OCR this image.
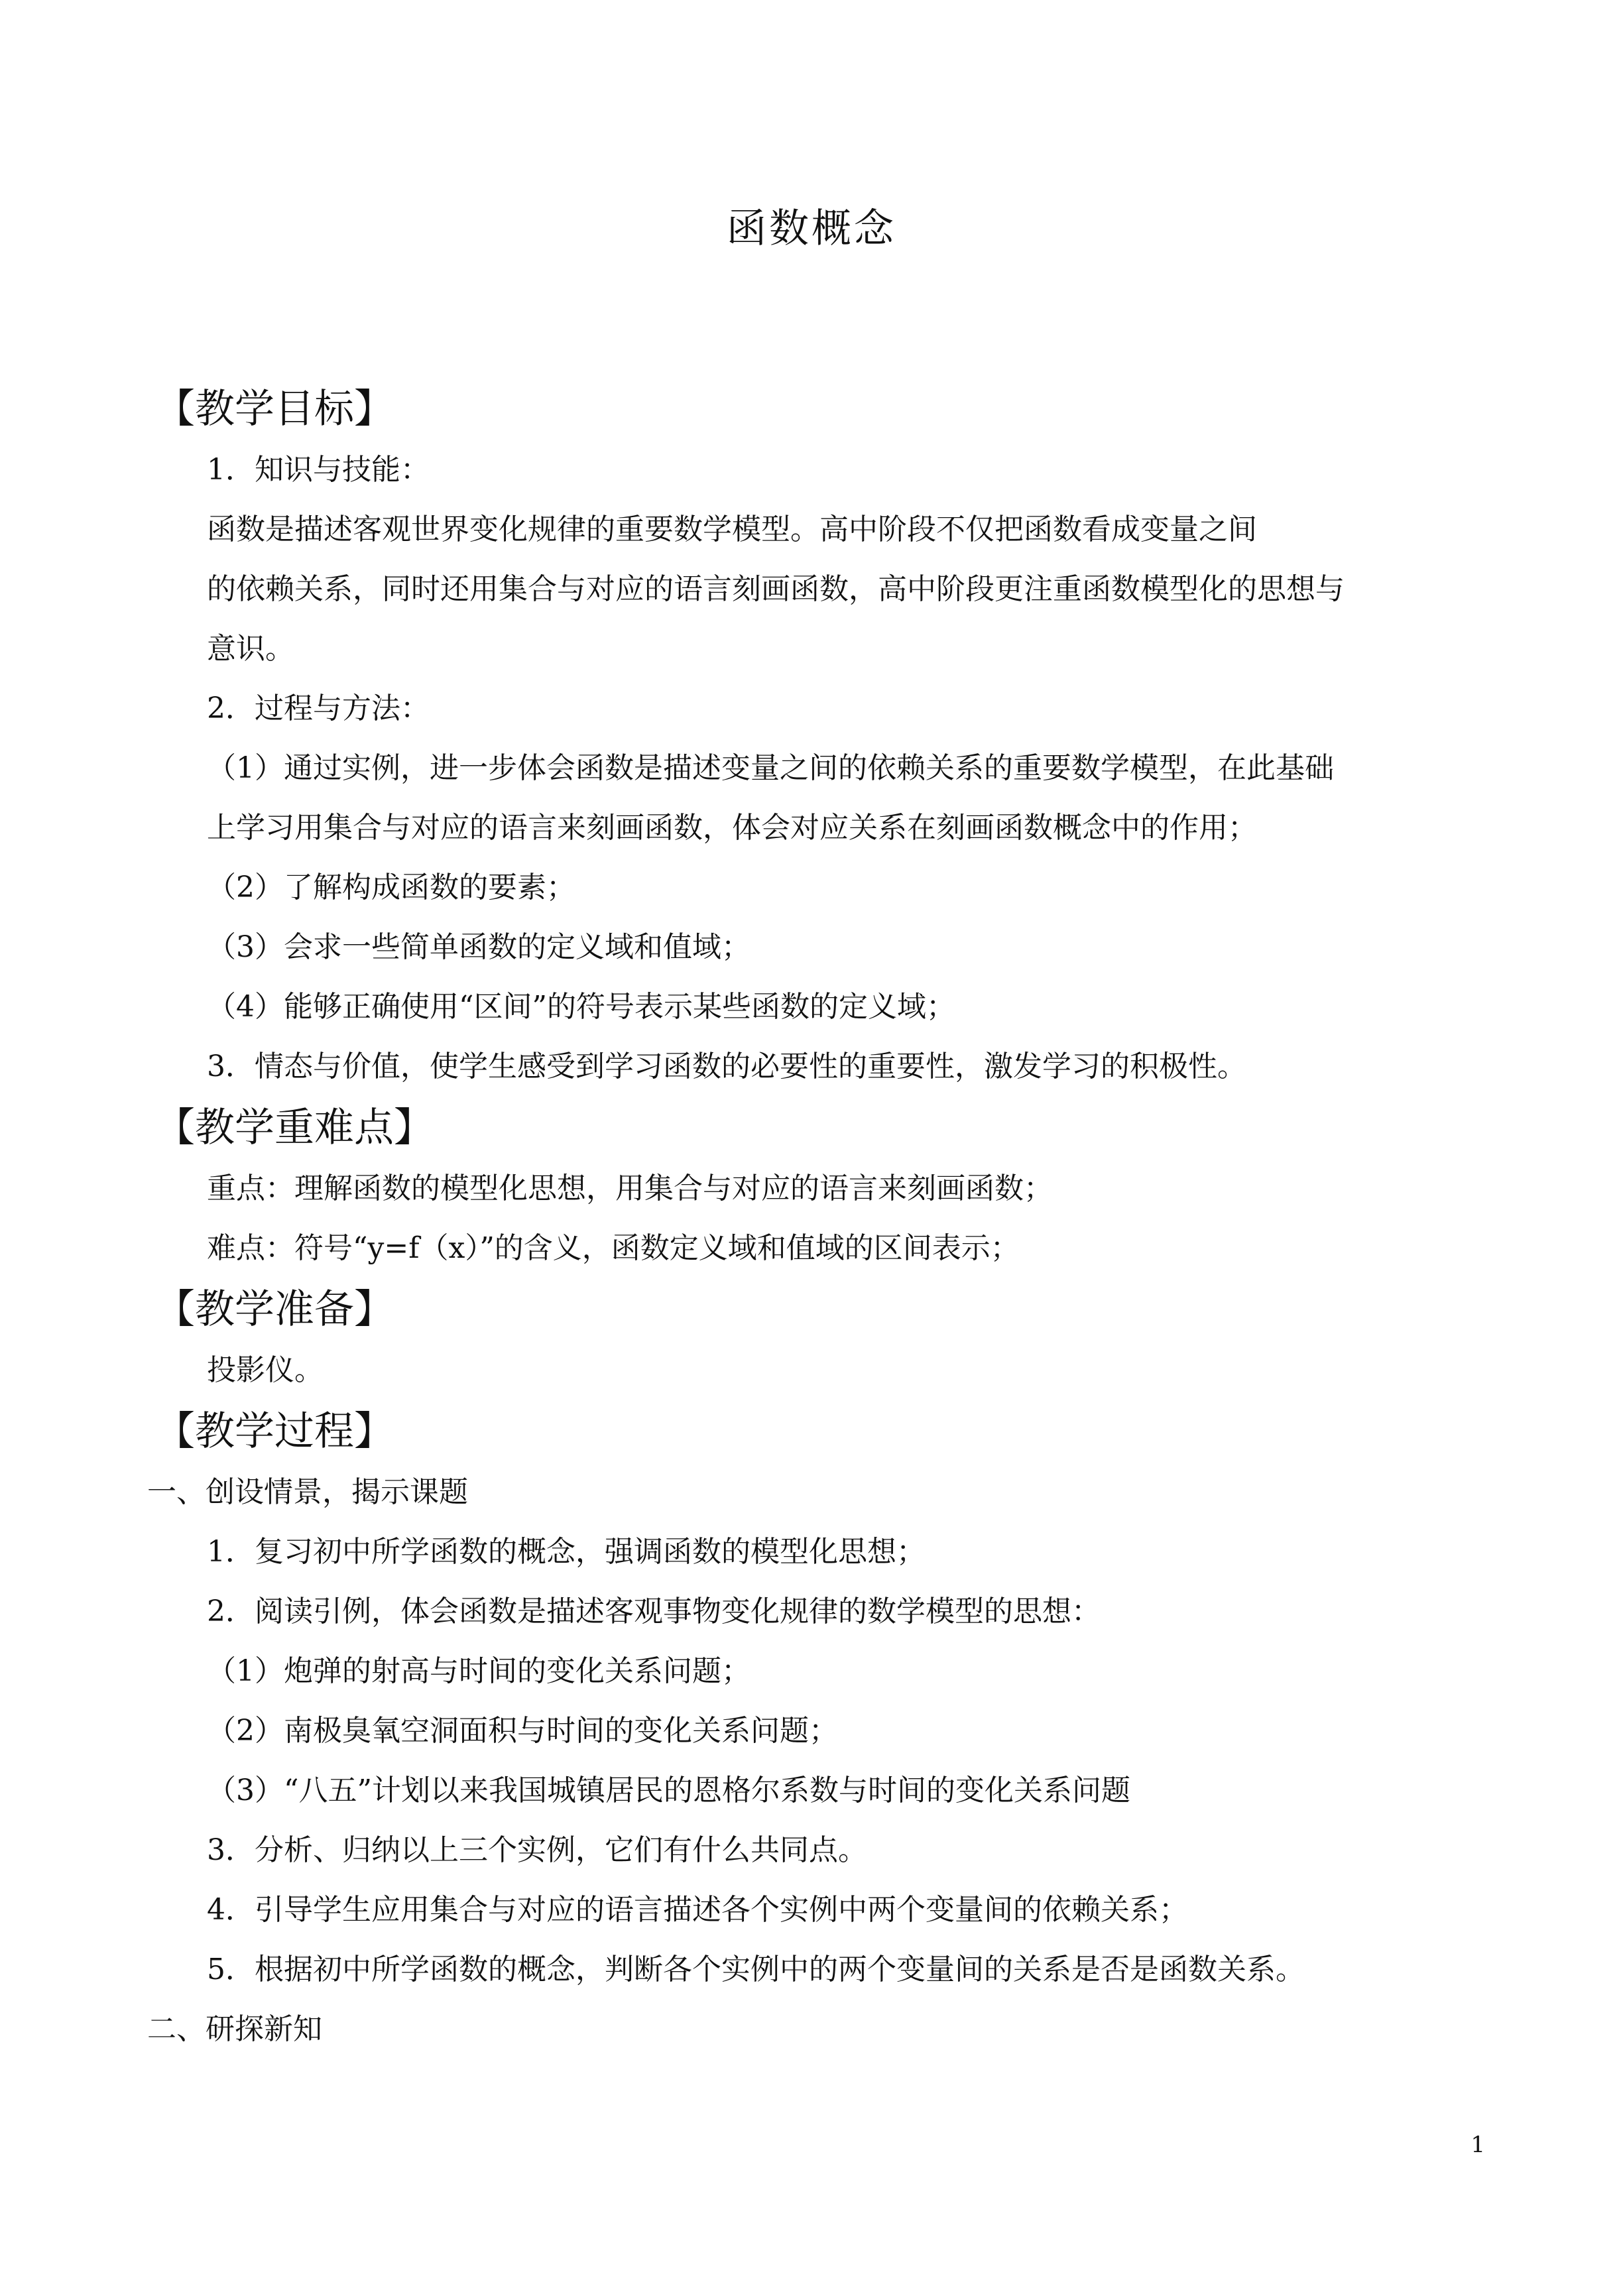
函数概念
【教学目标】
1．知识与技能：
函数是描述客观世界变化规律的重要数学模型。高中阶段不仅把函数看成变量之间
的依赖关系，同时还用集合与对应的语言刻画函数，高中阶段更注重函数模型化的思想与
意识。
2．过程与方法：
（1）通过实例，进一步体会函数是描述变量之间的依赖关系的重要数学模型，在此基础
上学习用集合与对应的语言来刻画函数，体会对应关系在刻画函数概念中的作用；
（2）了解构成函数的要素；
（3）会求一些简单函数的定义域和值域；
（4）能够正确使用“区间”的符号表示某些函数的定义域；
3．情态与价值，使学生感受到学习函数的必要性的重要性，激发学习的积极性。
【教学重难点】
重点：理解函数的模型化思想，用集合与对应的语言来刻画函数；
难点：符号“y=f（x）”的含义，函数定义域和值域的区间表示；
【教学准备】
投影仪。
【教学过程】
一、创设情景，揭示课题
1．复习初中所学函数的概念，强调函数的模型化思想；
2．阅读引例，体会函数是描述客观事物变化规律的数学模型的思想：
（1）炮弹的射高与时间的变化关系问题；
（2）南极臭氧空洞面积与时间的变化关系问题；
（3）“八五”计划以来我国城镇居民的恩格尔系数与时间的变化关系问题
3．分析、归纳以上三个实例，它们有什么共同点。
4．引导学生应用集合与对应的语言描述各个实例中两个变量间的依赖关系；
5．根据初中所学函数的概念，判断各个实例中的两个变量间的关系是否是函数关系。
二、研探新知
1
